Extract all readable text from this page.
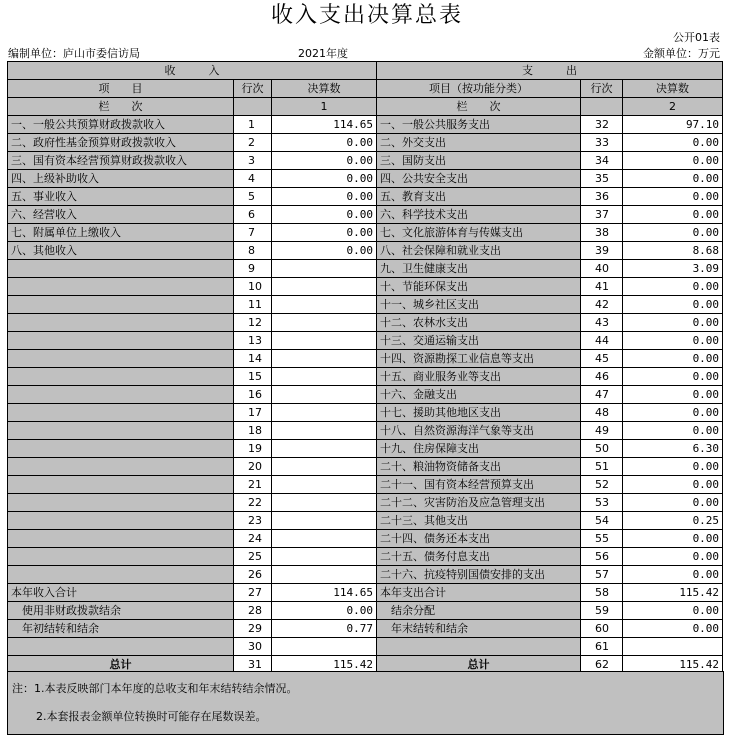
收入支出决算总表
公开01表
编制单位：庐山市委信访局	2021年度	金额单位：万元
收　　　入			支　　　出		
项　　目	行次	决算数	项目（按功能分类）	行次	决算数
栏　　次		1	栏　　次		2
一、一般公共预算财政拨款收入	1	114.65	一、一般公共服务支出	32	97.10
二、政府性基金预算财政拨款收入	2	0.00	二、外交支出	33	0.00
三、国有资本经营预算财政拨款收入	3	0.00	三、国防支出	34	0.00
四、上级补助收入	4	0.00	四、公共安全支出	35	0.00
五、事业收入	5	0.00	五、教育支出	36	0.00
六、经营收入	6	0.00	六、科学技术支出	37	0.00
七、附属单位上缴收入	7	0.00	七、文化旅游体育与传媒支出	38	0.00
八、其他收入	8	0.00	八、社会保障和就业支出	39	8.68
	9		九、卫生健康支出	40	3.09
	10		十、节能环保支出	41	0.00
	11		十一、城乡社区支出	42	0.00
	12		十二、农林水支出	43	0.00
	13		十三、交通运输支出	44	0.00
	14		十四、资源勘探工业信息等支出	45	0.00
	15		十五、商业服务业等支出	46	0.00
	16		十六、金融支出	47	0.00
	17		十七、援助其他地区支出	48	0.00
	18		十八、自然资源海洋气象等支出	49	0.00
	19		十九、住房保障支出	50	6.30
	20		二十、粮油物资储备支出	51	0.00
	21		二十一、国有资本经营预算支出	52	0.00
	22		二十二、灾害防治及应急管理支出	53	0.00
	23		二十三、其他支出	54	0.25
	24		二十四、债务还本支出	55	0.00
	25		二十五、债务付息支出	56	0.00
	26		二十六、抗疫特别国债安排的支出	57	0.00
本年收入合计	27	114.65	本年支出合计	58	115.42
　使用非财政拨款结余	28	0.00	　结余分配	59	0.00
　年初结转和结余	29	0.77	　年末结转和结余	60	0.00
	30			61	
总计	31	115.42	总计	62	115.42
注：1.本表反映部门本年度的总收支和年末结转结余情况。
2.本套报表金额单位转换时可能存在尾数误差。
